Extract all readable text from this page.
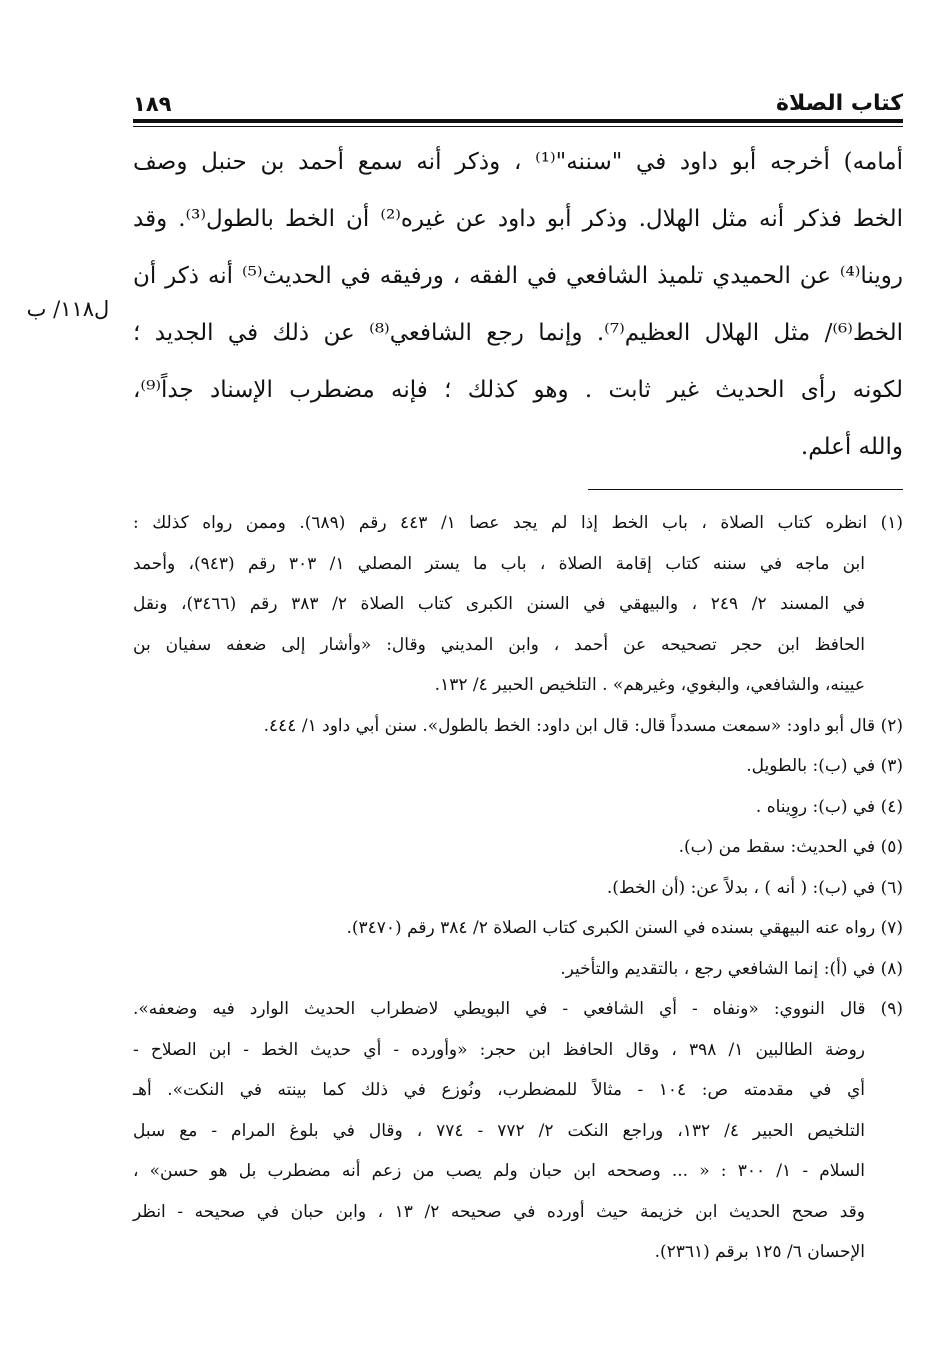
١٨٩	كتاب الصلاة
أمامه) أخرجه أبو داود في "سننه"⁽¹⁾ ، وذكر أنه سمع أحمد بن حنبل وصف
الخط فذكر أنه مثل الهلال. وذكر أبو داود عن غيره⁽²⁾ أن الخط بالطول⁽³⁾. وقد
روينا⁽⁴⁾ عن الحميدي تلميذ الشافعي في الفقه ، ورفيقه في الحديث⁽⁵⁾ أنه ذكر أن
الخط⁽⁶⁾/ مثل الهلال العظيم⁽⁷⁾. وإنما رجع الشافعي⁽⁸⁾ عن ذلك في الجديد ؛
لكونه رأى الحديث غير ثابت . وهو كذلك ؛ فإنه مضطرب الإسناد جداً⁽⁹⁾،
والله أعلم.
ل١١٨/ ب
(١) انظره كتاب الصلاة ، باب الخط إذا لم يجد عصا ١/ ٤٤٣ رقم (٦٨٩). وممن رواه كذلك :
ابن ماجه في سننه كتاب إقامة الصلاة ، باب ما يستر المصلي ١/ ٣٠٣ رقم (٩٤٣)، وأحمد
في المسند ٢/ ٢٤٩ ، والبيهقي في السنن الكبرى كتاب الصلاة ٢/ ٣٨٣ رقم (٣٤٦٦)، ونقل
الحافظ ابن حجر تصحيحه عن أحمد ، وابن المديني وقال: «وأشار إلى ضعفه سفيان بن
عيينه، والشافعي، والبغوي، وغيرهم» . التلخيص الحبير ٤/ ١٣٢.
(٢) قال أبو داود: «سمعت مسدداً قال: قال ابن داود: الخط بالطول». سنن أبي داود ١/ ٤٤٤.
(٣) في (ب): بالطويل.
(٤) في (ب): روِيناه .
(٥) في الحديث: سقط من (ب).
(٦) في (ب): ( أنه ) ، بدلاً عن: (أن الخط).
(٧) رواه عنه البيهقي بسنده في السنن الكبرى كتاب الصلاة ٢/ ٣٨٤ رقم (٣٤٧٠).
(٨) في (أ): إنما الشافعي رجع ، بالتقديم والتأخير.
(٩) قال النووي: «ونفاه - أي الشافعي - في البويطي لاضطراب الحديث الوارد فيه وضعفه».
روضة الطالبين ١/ ٣٩٨ ، وقال الحافظ ابن حجر: «وأورده - أي حديث الخط - ابن الصلاح -
أي في مقدمته ص: ١٠٤ - مثالاً للمضطرب، ونُوزع في ذلك كما بينته في النكت». أهـ
التلخيص الحبير ٤/ ١٣٢، وراجع النكت ٢/ ٧٧٢ - ٧٧٤ ، وقال في بلوغ المرام - مع سبل
السلام - ١/ ٣٠٠ : « ... وصححه ابن حبان ولم يصب من زعم أنه مضطرب بل هو حسن» ،
وقد صحح الحديث ابن خزيمة حيث أورده في صحيحه ٢/ ١٣ ، وابن حبان في صحيحه - انظر
الإحسان ٦/ ١٢٥ برقم (٢٣٦١).
